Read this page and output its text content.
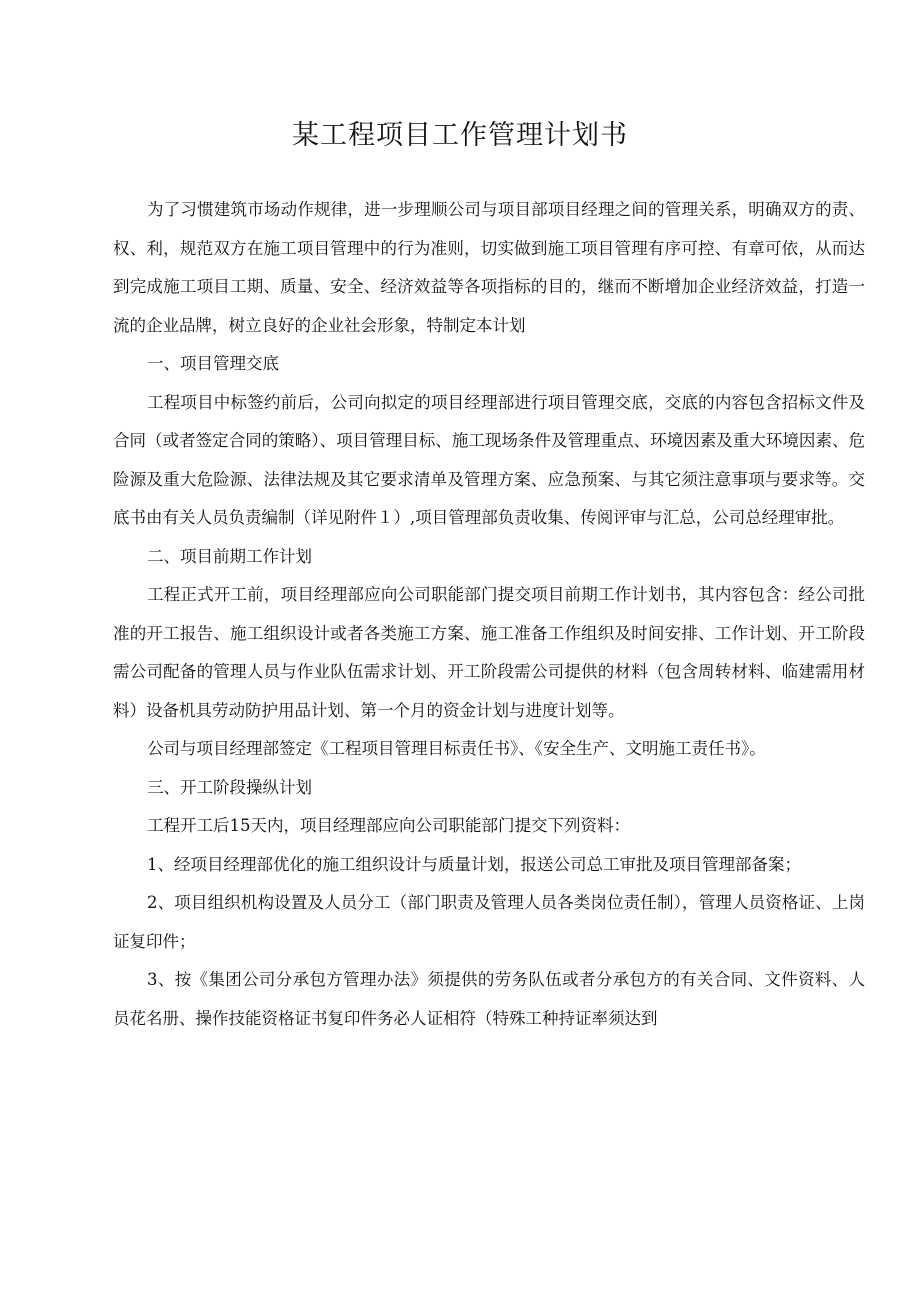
某工程项目工作管理计划书

为了习惯建筑市场动作规律，进一步理顺公司与项目部项目经理之间的管理关系，明确双方的责、权、利，规范双方在施工项目管理中的行为准则，切实做到施工项目管理有序可控、有章可依，从而达到完成施工项目工期、质量、安全、经济效益等各项指标的目的，继而不断增加企业经济效益，打造一流的企业品牌，树立良好的企业社会形象，特制定本计划

一、项目管理交底

工程项目中标签约前后，公司向拟定的项目经理部进行项目管理交底，交底的内容包含招标文件及合同（或者签定合同的策略）、项目管理目标、施工现场条件及管理重点、环境因素及重大环境因素、危险源及重大危险源、法律法规及其它要求清单及管理方案、应急预案、与其它须注意事项与要求等。交底书由有关人员负责编制（详见附件１）,项目管理部负责收集、传阅评审与汇总，公司总经理审批。

二、项目前期工作计划

工程正式开工前，项目经理部应向公司职能部门提交项目前期工作计划书，其内容包含：经公司批准的开工报告、施工组织设计或者各类施工方案、施工准备工作组织及时间安排、工作计划、开工阶段需公司配备的管理人员与作业队伍需求计划、开工阶段需公司提供的材料（包含周转材料、临建需用材料）设备机具劳动防护用品计划、第一个月的资金计划与进度计划等。

公司与项目经理部签定《工程项目管理目标责任书》、《安全生产、文明施工责任书》。

三、开工阶段操纵计划

工程开工后15天内，项目经理部应向公司职能部门提交下列资料：

1、经项目经理部优化的施工组织设计与质量计划，报送公司总工审批及项目管理部备案；

2、项目组织机构设置及人员分工（部门职责及管理人员各类岗位责任制），管理人员资格证、上岗证复印件；

3、按《集团公司分承包方管理办法》须提供的劳务队伍或者分承包方的有关合同、文件资料、人员花名册、操作技能资格证书复印件务必人证相符（特殊工种持证率须达到
